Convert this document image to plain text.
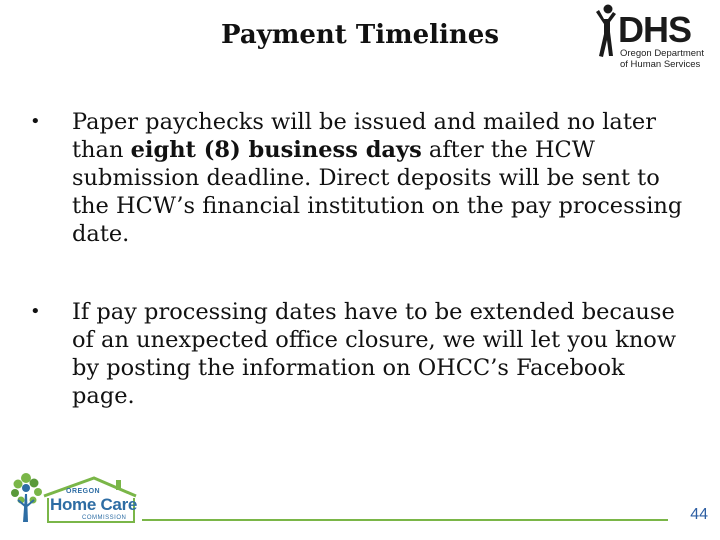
Payment Timelines	DHS
Oregon Department
of Human Services
• Paper paychecks will be issued and mailed no later than eight (8) business days after the HCW submission deadline. Direct deposits will be sent to the HCW’s financial institution on the pay processing date.
• If pay processing dates have to be extended because of an unexpected office closure, we will let you know by posting the information on OHCC’s Facebook page.
OREGON
Home Care
COMMISSION	44
